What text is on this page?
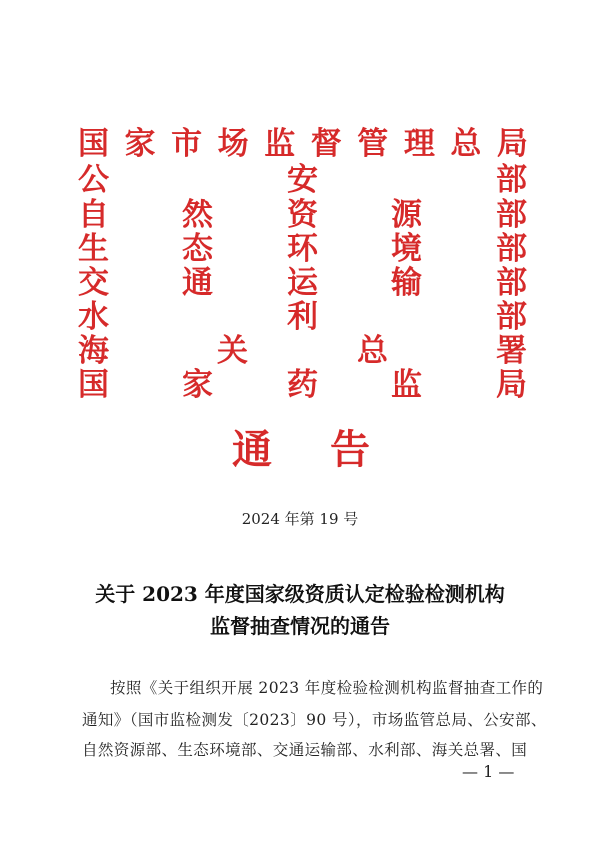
国 家 市 场 监 督 管 理 总 局
公	安	部
自 然 资 源 部
生 态 环 境 部
交 通 运 输 部
水	利	部
海	关	总	署
国 家 药 监 局
通 告
2024 年第 19 号
关于 2023 年度国家级资质认定检验检测机构
监督抽查情况的通告
按照《关于组织开展 2023 年度检验检测机构监督抽查工作的
通知》（国市监检测发〔2023〕90 号），市场监管总局、公安部、
自然资源部、生态环境部、交通运输部、水利部、海关总署、国
— 1 —
